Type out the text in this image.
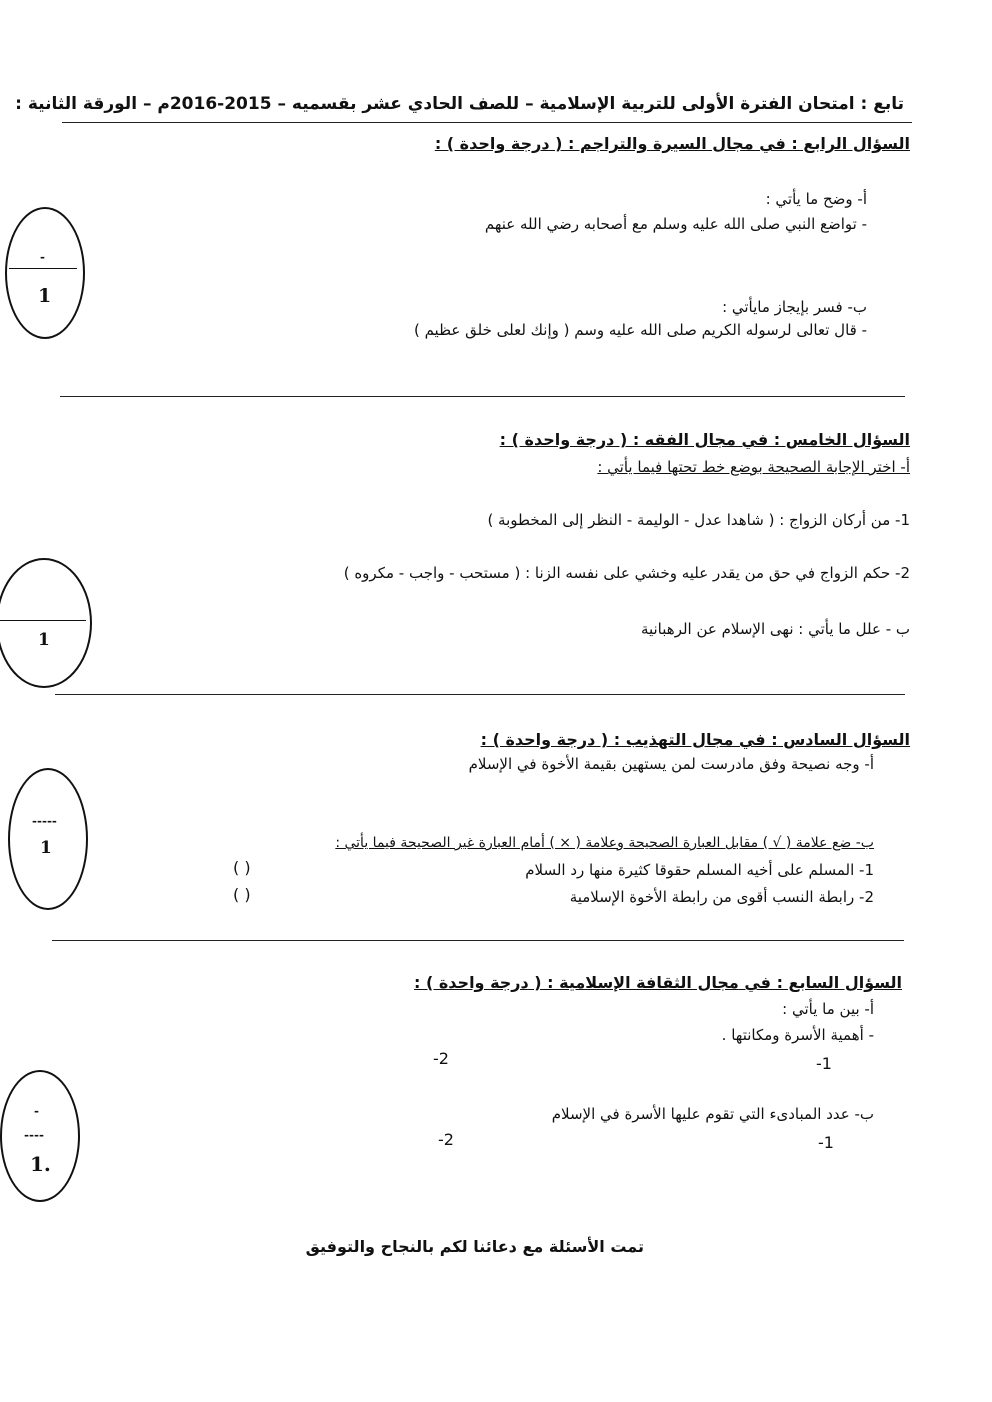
تابع : امتحان الفترة الأولى للتربية الإسلامية – للصف الحادي عشر بقسميه – 2015-2016م – الورقة الثانية :
السؤال الرابع : في مجال السيرة والتراجم : ( درجة واحدة ) :
أ- وضح ما يأتي :
- تواضع النبي صلى الله عليه وسلم مع أصحابه رضي الله عنهم
ب- فسر بإيجاز مايأتي :
- قال تعالى لرسوله الكريم صلى الله عليه وسم ( وإنك لعلى خلق عظيم )
-
1
السؤال الخامس : في مجال الفقه : ( درجة واحدة ) :
أ- اختر الإجابة الصحيحة بوضع خط تحتها فيما يأتي :
1- من أركان الزواج : ( شاهدا عدل - الوليمة - النظر إلى المخطوبة )
2- حكم الزواج في حق من يقدر عليه وخشي على نفسه الزنا : ( مستحب - واجب - مكروه )
ب - علل ما يأتي : نهى الإسلام عن الرهبانية
1
السؤال السادس : في مجال التهذيب : ( درجة واحدة ) :
أ- وجه نصيحة وفق مادرست لمن يستهين بقيمة الأخوة في الإسلام
ب- ضع علامة ( √ ) مقابل العبارة الصحيحة وعلامة ( × ) أمام العبارة غير الصحيحة فيما يأتي :
1- المسلم على أخيه المسلم حقوقا كثيرة منها رد السلام
( )
2- رابطة النسب أقوى من رابطة الأخوة الإسلامية
( )
-----
1
السؤال السابع : في مجال الثقافة الإسلامية : ( درجة واحدة ) :
أ- بين ما يأتي :
- أهمية الأسرة ومكانتها .
-2	-1
ب- عدد المبادىء التي تقوم عليها الأسرة في الإسلام
-2	-1
-
----
1.
تمت الأسئلة مع دعائنا لكم بالنجاح والتوفيق
